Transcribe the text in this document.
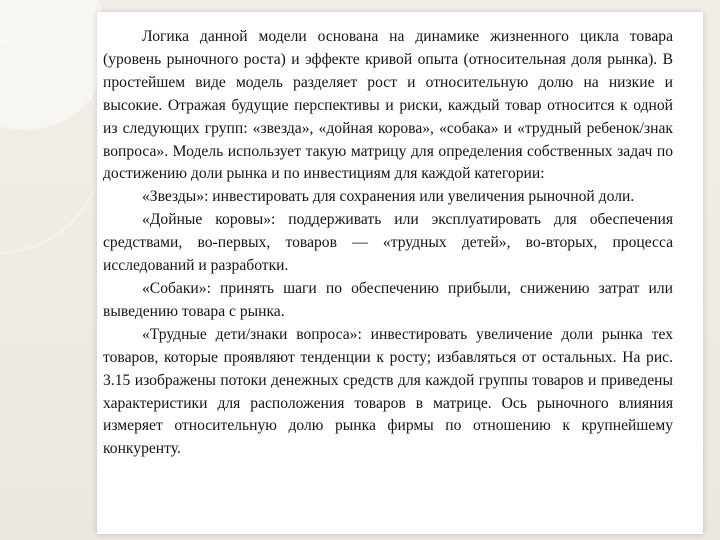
Логика данной модели основана на динамике жизненного цикла товара (уровень рыночного роста) и эффекте кривой опыта (относительная доля рынка). В простейшем виде модель разделяет рост и относительную долю на низкие и высокие. Отражая будущие перспективы и риски, каждый товар относится к одной из следующих групп: «звезда», «дойная корова», «собака» и «трудный ребенок/знак вопроса». Модель использует такую матрицу для определения собственных задач по достижению доли рынка и по инвестициям для каждой категории:

«Звезды»: инвестировать для сохранения или увеличения рыночной доли.

«Дойные коровы»: поддерживать или эксплуатировать для обеспечения средствами, во-первых, товаров — «трудных детей», во-вторых, процесса исследований и разработки.

«Собаки»: принять шаги по обеспечению прибыли, снижению затрат или выведению товара с рынка.

«Трудные дети/знаки вопроса»: инвестировать увеличение доли рынка тех товаров, которые проявляют тенденции к росту; избавляться от остальных. На рис. 3.15 изображены потоки денежных средств для каждой группы товаров и приведены характеристики для расположения товаров в матрице. Ось рыночного влияния измеряет относительную долю рынка фирмы по отношению к крупнейшему конкуренту.
